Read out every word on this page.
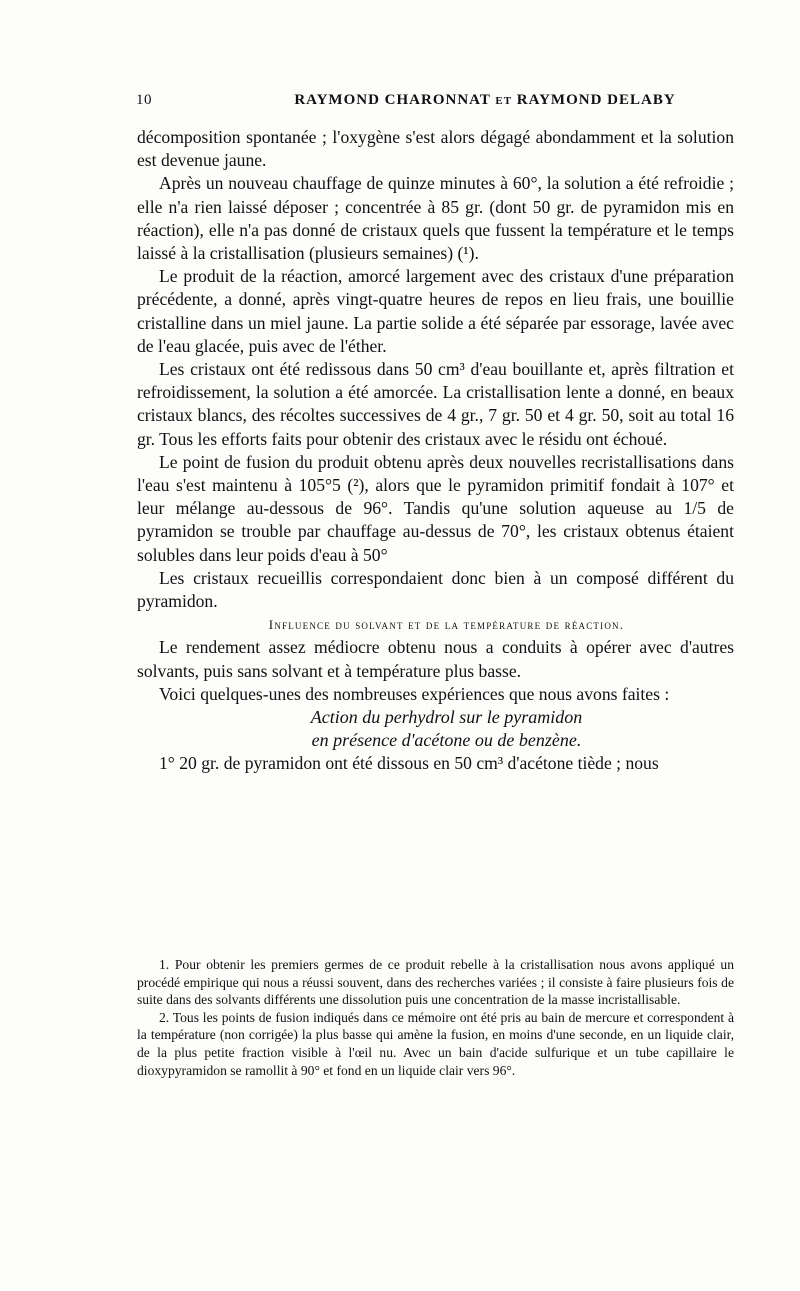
10	RAYMOND CHARONNAT et RAYMOND DELABY

décomposition spontanée ; l'oxygène s'est alors dégagé abondamment et la solution est devenue jaune.

Après un nouveau chauffage de quinze minutes à 60°, la solution a été refroidie ; elle n'a rien laissé déposer ; concentrée à 85 gr. (dont 50 gr. de pyramidon mis en réaction), elle n'a pas donné de cristaux quels que fussent la température et le temps laissé à la cristallisation (plusieurs semaines) (¹).

Le produit de la réaction, amorcé largement avec des cristaux d'une préparation précédente, a donné, après vingt-quatre heures de repos en lieu frais, une bouillie cristalline dans un miel jaune. La partie solide a été séparée par essorage, lavée avec de l'eau glacée, puis avec de l'éther.

Les cristaux ont été redissous dans 50 cm³ d'eau bouillante et, après filtration et refroidissement, la solution a été amorcée. La cristallisation lente a donné, en beaux cristaux blancs, des récoltes successives de 4 gr., 7 gr. 50 et 4 gr. 50, soit au total 16 gr. Tous les efforts faits pour obtenir des cristaux avec le résidu ont échoué.

Le point de fusion du produit obtenu après deux nouvelles recristallisations dans l'eau s'est maintenu à 105°5 (²), alors que le pyramidon primitif fondait à 107° et leur mélange au-dessous de 96°. Tandis qu'une solution aqueuse au 1/5 de pyramidon se trouble par chauffage au-dessus de 70°, les cristaux obtenus étaient solubles dans leur poids d'eau à 50°

Les cristaux recueillis correspondaient donc bien à un composé différent du pyramidon.

Influence du solvant et de la température de réaction.

Le rendement assez médiocre obtenu nous a conduits à opérer avec d'autres solvants, puis sans solvant et à température plus basse.

Voici quelques-unes des nombreuses expériences que nous avons faites :

Action du perhydrol sur le pyramidon
en présence d'acétone ou de benzène.

1° 20 gr. de pyramidon ont été dissous en 50 cm³ d'acétone tiède ; nous

1. Pour obtenir les premiers germes de ce produit rebelle à la cristallisation nous avons appliqué un procédé empirique qui nous a réussi souvent, dans des recherches variées ; il consiste à faire plusieurs fois de suite dans des solvants différents une dissolution puis une concentration de la masse incristallisable.

2. Tous les points de fusion indiqués dans ce mémoire ont été pris au bain de mercure et correspondent à la température (non corrigée) la plus basse qui amène la fusion, en moins d'une seconde, en un liquide clair, de la plus petite fraction visible à l'œil nu. Avec un bain d'acide sulfurique et un tube capillaire le dioxypyramidon se ramollit à 90° et fond en un liquide clair vers 96°.
